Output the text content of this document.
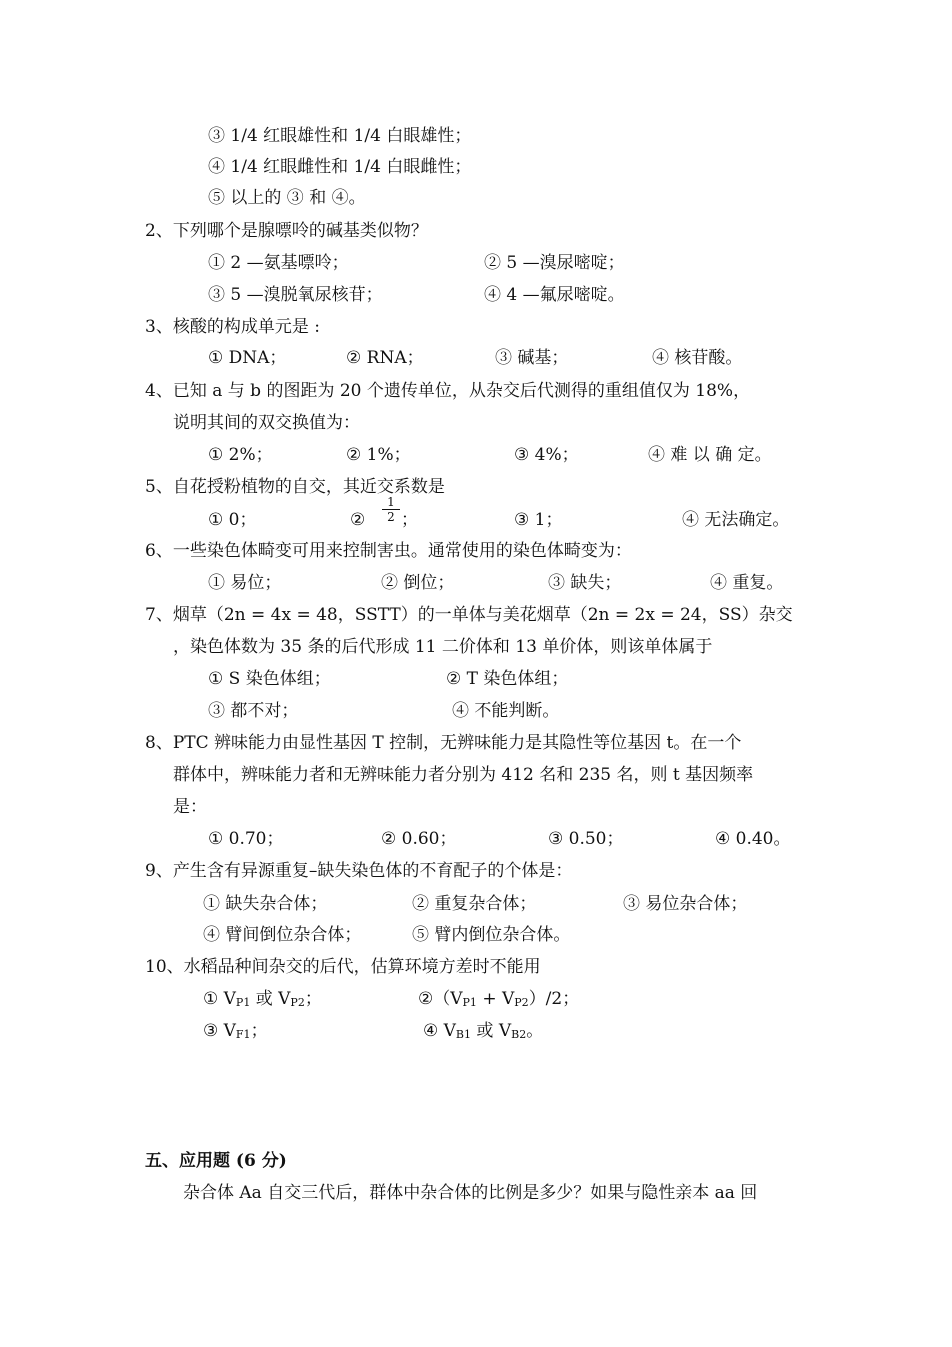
③ 1/4 红眼雄性和 1/4 白眼雄性；
④ 1/4 红眼雌性和 1/4 白眼雌性；
⑤ 以上的 ③ 和 ④。
2、下列哪个是腺嘌呤的碱基类似物？
① 2 —氨基嘌呤；	② 5 —溴尿嘧啶；
③ 5 —溴脱氧尿核苷；	④ 4 —氟尿嘧啶。
3、核酸的构成单元是 :
① DNA；	② RNA；	③ 碱基；	④ 核苷酸。
4、已知 a 与 b 的图距为 20 个遗传单位，从杂交后代测得的重组值仅为 18%，
说明其间的双交换值为：
① 2%；	② 1%；	③ 4%；	④ 难 以 确 定。
5、自花授粉植物的自交，其近交系数是
① 0；	②
1
2 ；	③ 1；	④ 无法确定。
6、一些染色体畸变可用来控制害虫。通常使用的染色体畸变为：
① 易位；	② 倒位；	③ 缺失；	④ 重复。
7、烟草（2n = 4x = 48，SSTT）的一单体与美花烟草（2n = 2x = 24，SS）杂交
，染色体数为 35 条的后代形成 11 二价体和 13 单价体，则该单体属于
① S 染色体组；	② T 染色体组；
③ 都不对；	④ 不能判断。
8、PTC 辨味能力由显性基因 T 控制，无辨味能力是其隐性等位基因 t。在一个
群体中，辨味能力者和无辨味能力者分别为 412 名和 235 名，则 t 基因频率
是：
① 0.70；	② 0.60；	③ 0.50；	④ 0.40。
9、产生含有异源重复–缺失染色体的不育配子的个体是：
① 缺失杂合体；	② 重复杂合体；	③ 易位杂合体；
④ 臂间倒位杂合体；	⑤ 臂内倒位杂合体。
10、水稻品种间杂交的后代，估算环境方差时不能用
① $V_{P1}$ 或 $V_{P2}$；	$②(V_{P1} + V_{P2})/2$；
③ $V_{F1}$；	④ $V_{B1}$ 或 $V_{B2}$。
五、应用题 (6 分)
杂合体 Aa 自交三代后，群体中杂合体的比例是多少？如果与隐性亲本 aa 回
